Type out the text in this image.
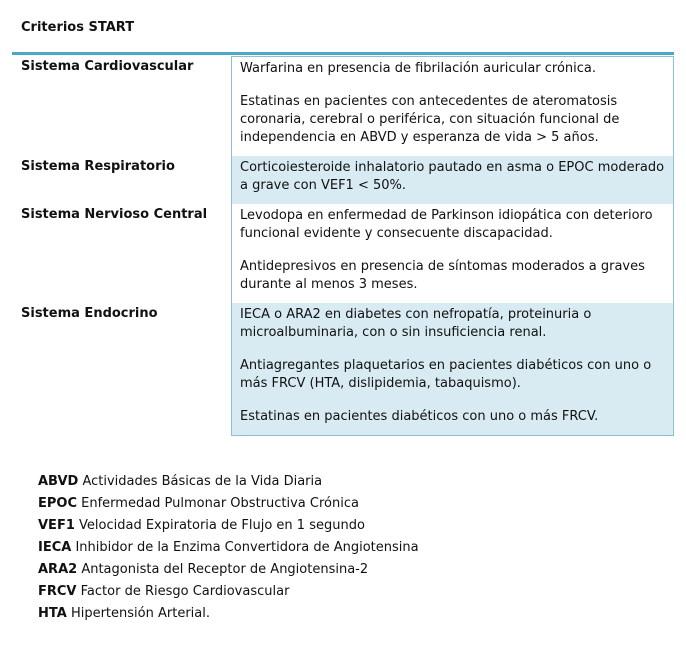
Criterios START
Sistema Cardiovascular	Warfarina en presencia de fibrilación auricular crónica.

Estatinas en pacientes con antecedentes de ateromatosis coronaria, cerebral o periférica, con situación funcional de independencia en ABVD y esperanza de vida > 5 años.

Sistema Respiratorio	Corticoiesteroide inhalatorio pautado en asma o EPOC moderado a grave con VEF1 < 50%.

Sistema Nervioso Central	Levodopa en enfermedad de Parkinson idiopática con deterioro funcional evidente y consecuente discapacidad.

Antidepresivos en presencia de síntomas moderados a graves durante al menos 3 meses.

Sistema Endocrino	IECA o ARA2 en diabetes con nefropatía, proteinuria o microalbuminaria, con o sin insuficiencia renal.

Antiagregantes plaquetarios en pacientes diabéticos con uno o más FRCV (HTA, dislipidemia, tabaquismo).

Estatinas en pacientes diabéticos con uno o más FRCV.

ABVD Actividades Básicas de la Vida Diaria
EPOC Enfermedad Pulmonar Obstructiva Crónica
VEF1 Velocidad Expiratoria de Flujo en 1 segundo
IECA Inhibidor de la Enzima Convertidora de Angiotensina
ARA2 Antagonista del Receptor de Angiotensina-2
FRCV Factor de Riesgo Cardiovascular
HTA Hipertensión Arterial.
